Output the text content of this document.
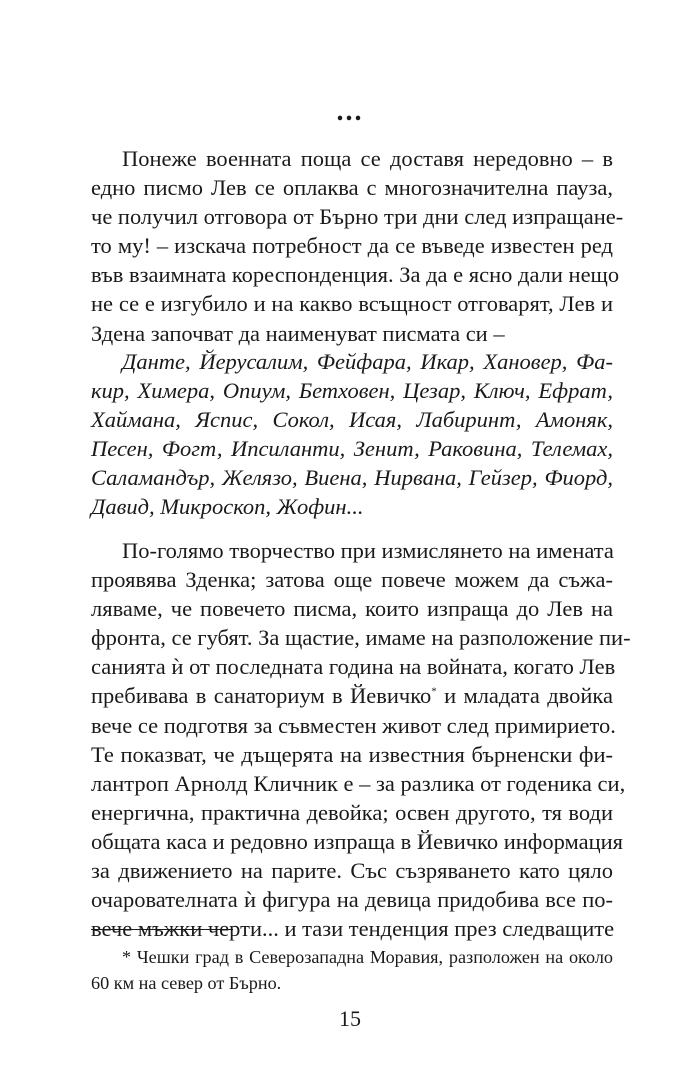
...
Понеже военната поща се доставя нередовно – в
едно писмо Лев се оплаква с многозначителна пауза,
че получил отговора от Бърно три дни след изпращане-
то му! – изскача потребност да се въведе известен ред
във взаимната кореспонденция. За да е ясно дали нещо
не се е изгубило и на какво всъщност отговарят, Лев и
Здена започват да наименуват писмата си –
Данте, Йерусалим, Фейфара, Икар, Хановер, Фа-
кир, Химера, Опиум, Бетховен, Цезар, Ключ, Ефрат,
Хаймана, Яспис, Сокол, Исая, Лабиринт, Амоняк,
Песен, Фогт, Ипсиланти, Зенит, Раковина, Телемах,
Саламандър, Желязо, Виена, Нирвана, Гейзер, Фиорд,
Давид, Микроскоп, Жофин...
По-голямо творчество при измислянето на имената
проявява Зденка; затова още повече можем да съжа-
ляваме, че повечето писма, които изпраща до Лев на
фронта, се губят. За щастие, имаме на разположение пи-
санията ѝ от последната година на войната, когато Лев
пребивава в санаториум в Йевичко* и младата двойка
вече се подготвя за съвместен живот след примирието.
Те показват, че дъщерята на известния бърненски фи-
лантроп Арнолд Кличник е – за разлика от годеника си,
енергична, практична девойка; освен другото, тя води
общата каса и редовно изпраща в Йевичко информация
за движението на парите. Със съзряването като цяло
очарователната ѝ фигура на девица придобива все по-
вече мъжки черти... и тази тенденция през следващите
* Чешки град в Северозападна Моравия, разположен на около
60 км на север от Бърно.
15
